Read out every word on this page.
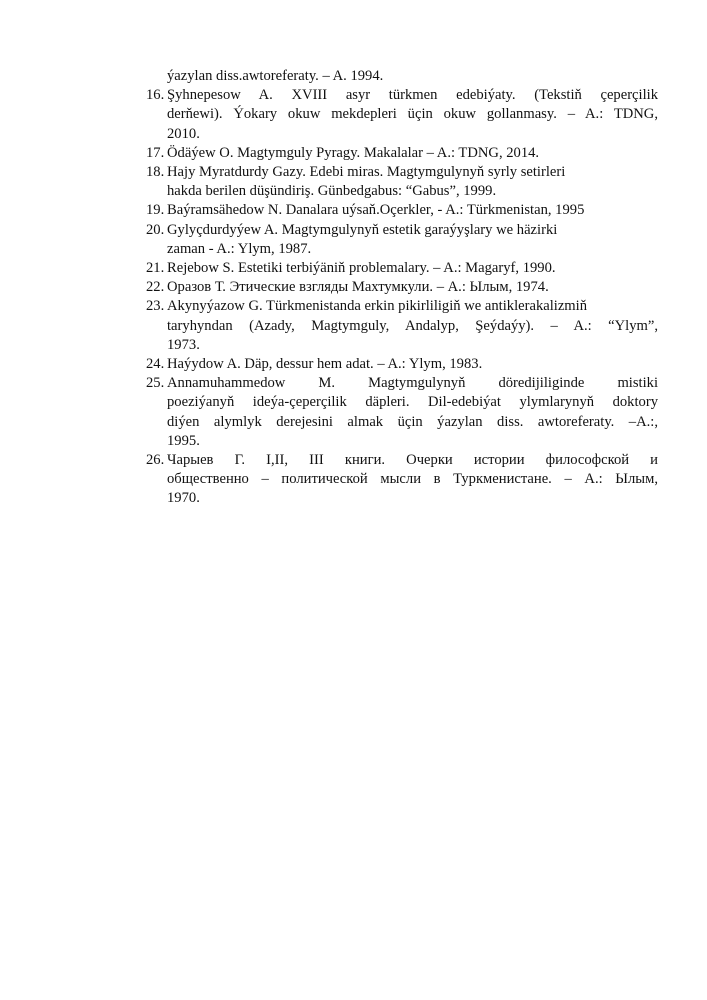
ýazylan diss.awtoreferaty. – A. 1994.
16. Şyhnepesow A. XVIII asyr türkmen edebiýaty. (Tekstiň çeperçilik
derňewi). Ýokary okuw mekdepleri üçin okuw gollanmasy. – A.: TDNG,
2010.
17. Ödäýew O. Magtymguly Pyragy. Makalalar – A.: TDNG, 2014.
18. Hajy Myratdurdy Gazy. Edebi miras. Magtymgulynyň syrly setirleri
hakda berilen düşündiriş. Günbedgabus: “Gabus”, 1999.
19. Baýramsähedow N. Danalara uýsaň.Oçerkler, - A.: Türkmenistan, 1995
20. Gylyçdurdyýew A. Magtymgulynyň estetik garaýyşlary we häzirki
zaman - A.: Ylym, 1987.
21. Rejebow S. Estetiki terbiýäniň problemalary. – A.: Magaryf, 1990.
22. Оразов Т. Этические взгляды Махтумкули. – А.: Ылым, 1974.
23. Akynyýazow G. Türkmenistanda erkin pikirliligiň we antiklerakalizmiň
taryhyndan (Azady, Magtymguly, Andalyp, Şeýdaýy). – A.: “Ylym”,
1973.
24. Haýydow A. Däp, dessur hem adat. – A.: Ylym, 1983.
25. Annamuhammedow M. Magtymgulynyň döredijiliginde mistiki
poeziýanyň ideýa-çeperçilik däpleri. Dil-edebiýat ylymlarynyň doktory
diýen alymlyk derejesini almak üçin ýazylan diss. awtoreferaty. –A.:,
1995.
26. Чарыев Г. I,II, III книги. Очерки истории философской и
общественно – политической мысли в Туркменистане. – А.: Ылым,
1970.
